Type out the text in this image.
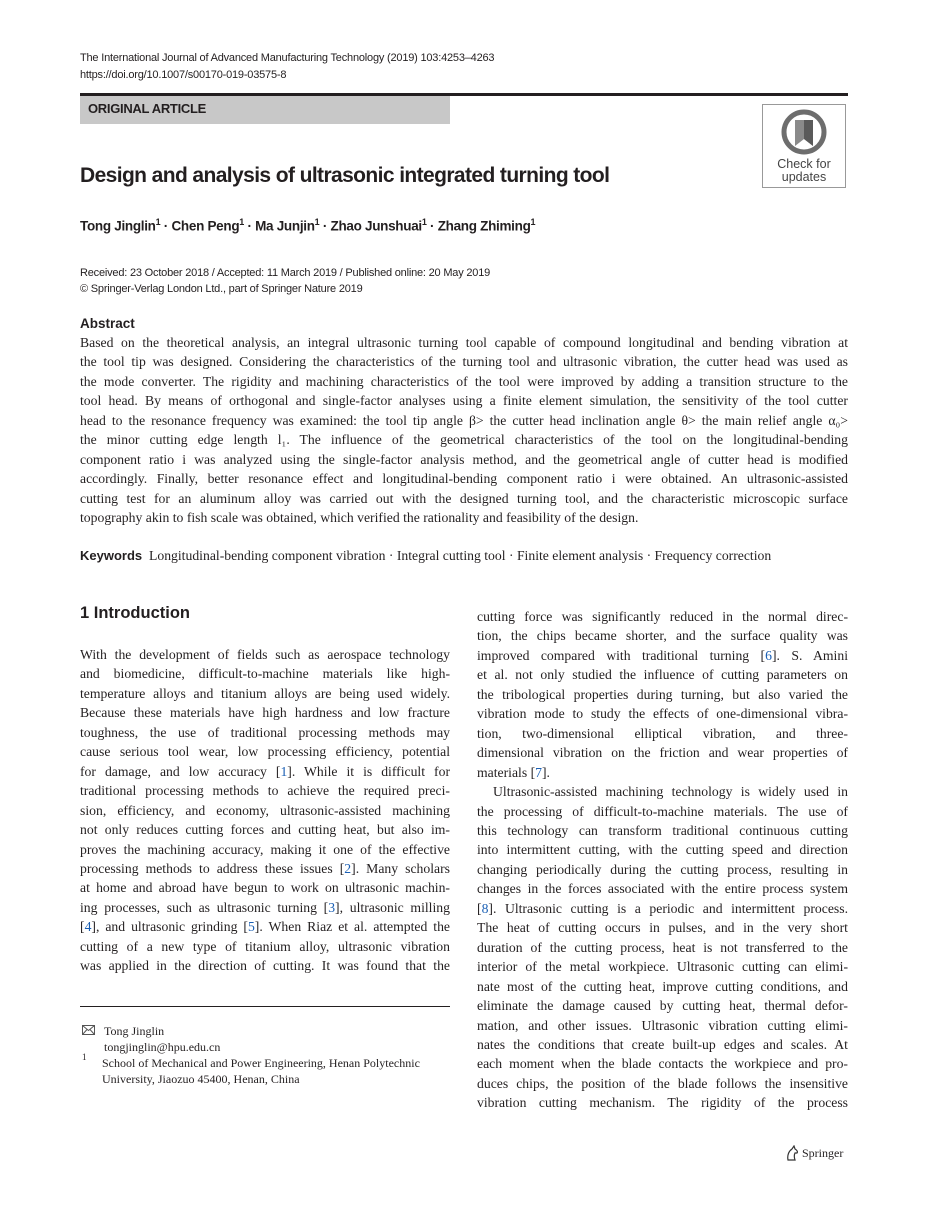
The International Journal of Advanced Manufacturing Technology (2019) 103:4253–4263
https://doi.org/10.1007/s00170-019-03575-8
ORIGINAL ARTICLE
Check for
updates
Design and analysis of ultrasonic integrated turning tool
Tong Jinglin$^1$ · Chen Peng$^1$ · Ma Junjin$^1$ · Zhao Junshuai$^1$ · Zhang Zhiming$^1$
Received: 23 October 2018 / Accepted: 11 March 2019 / Published online: 20 May 2019
© Springer-Verlag London Ltd., part of Springer Nature 2019
Abstract
Based on the theoretical analysis, an integral ultrasonic turning tool capable of compound longitudinal and bending vibration at
the tool tip was designed. Considering the characteristics of the turning tool and ultrasonic vibration, the cutter head was used as
the mode converter. The rigidity and machining characteristics of the tool were improved by adding a transition structure to the
tool head. By means of orthogonal and single-factor analyses using a finite element simulation, the sensitivity of the tool cutter
head to the resonance frequency was examined: the tool tip angle β> the cutter head inclination angle θ> the main relief angle α₀>
the minor cutting edge length l₁. The influence of the geometrical characteristics of the tool on the longitudinal-bending
component ratio i was analyzed using the single-factor analysis method, and the geometrical angle of cutter head is modified
accordingly. Finally, better resonance effect and longitudinal-bending component ratio i were obtained. An ultrasonic-assisted
cutting test for an aluminum alloy was carried out with the designed turning tool, and the characteristic microscopic surface
topography akin to fish scale was obtained, which verified the rationality and feasibility of the design.
Keywords Longitudinal-bending component vibration · Integral cutting tool · Finite element analysis · Frequency correction
1 Introduction
With the development of fields such as aerospace technology
and biomedicine, difficult-to-machine materials like high-
temperature alloys and titanium alloys are being used widely.
Because these materials have high hardness and low fracture
toughness, the use of traditional processing methods may
cause serious tool wear, low processing efficiency, potential
for damage, and low accuracy [1]. While it is difficult for
traditional processing methods to achieve the required preci-
sion, efficiency, and economy, ultrasonic-assisted machining
not only reduces cutting forces and cutting heat, but also im-
proves the machining accuracy, making it one of the effective
processing methods to address these issues [2]. Many scholars
at home and abroad have begun to work on ultrasonic machin-
ing processes, such as ultrasonic turning [3], ultrasonic milling
[4], and ultrasonic grinding [5]. When Riaz et al. attempted the
cutting of a new type of titanium alloy, ultrasonic vibration
was applied in the direction of cutting. It was found that the
cutting force was significantly reduced in the normal direc-
tion, the chips became shorter, and the surface quality was
improved compared with traditional turning [6]. S. Amini
et al. not only studied the influence of cutting parameters on
the tribological properties during turning, but also varied the
vibration mode to study the effects of one-dimensional vibra-
tion, two-dimensional elliptical vibration, and three-
dimensional vibration on the friction and wear properties of
materials [7].
Ultrasonic-assisted machining technology is widely used in
the processing of difficult-to-machine materials. The use of
this technology can transform traditional continuous cutting
into intermittent cutting, with the cutting speed and direction
changing periodically during the cutting process, resulting in
changes in the forces associated with the entire process system
[8]. Ultrasonic cutting is a periodic and intermittent process.
The heat of cutting occurs in pulses, and in the very short
duration of the cutting process, heat is not transferred to the
interior of the metal workpiece. Ultrasonic cutting can elimi-
nate most of the cutting heat, improve cutting conditions, and
eliminate the damage caused by cutting heat, thermal defor-
mation, and other issues. Ultrasonic vibration cutting elimi-
nates the conditions that create built-up edges and scales. At
each moment when the blade contacts the workpiece and pro-
duces chips, the position of the blade follows the insensitive
vibration cutting mechanism. The rigidity of the process
Tong Jinglin
tongjinglin@hpu.edu.cn
1 School of Mechanical and Power Engineering, Henan Polytechnic
University, Jiaozuo 45400, Henan, China
Springer
